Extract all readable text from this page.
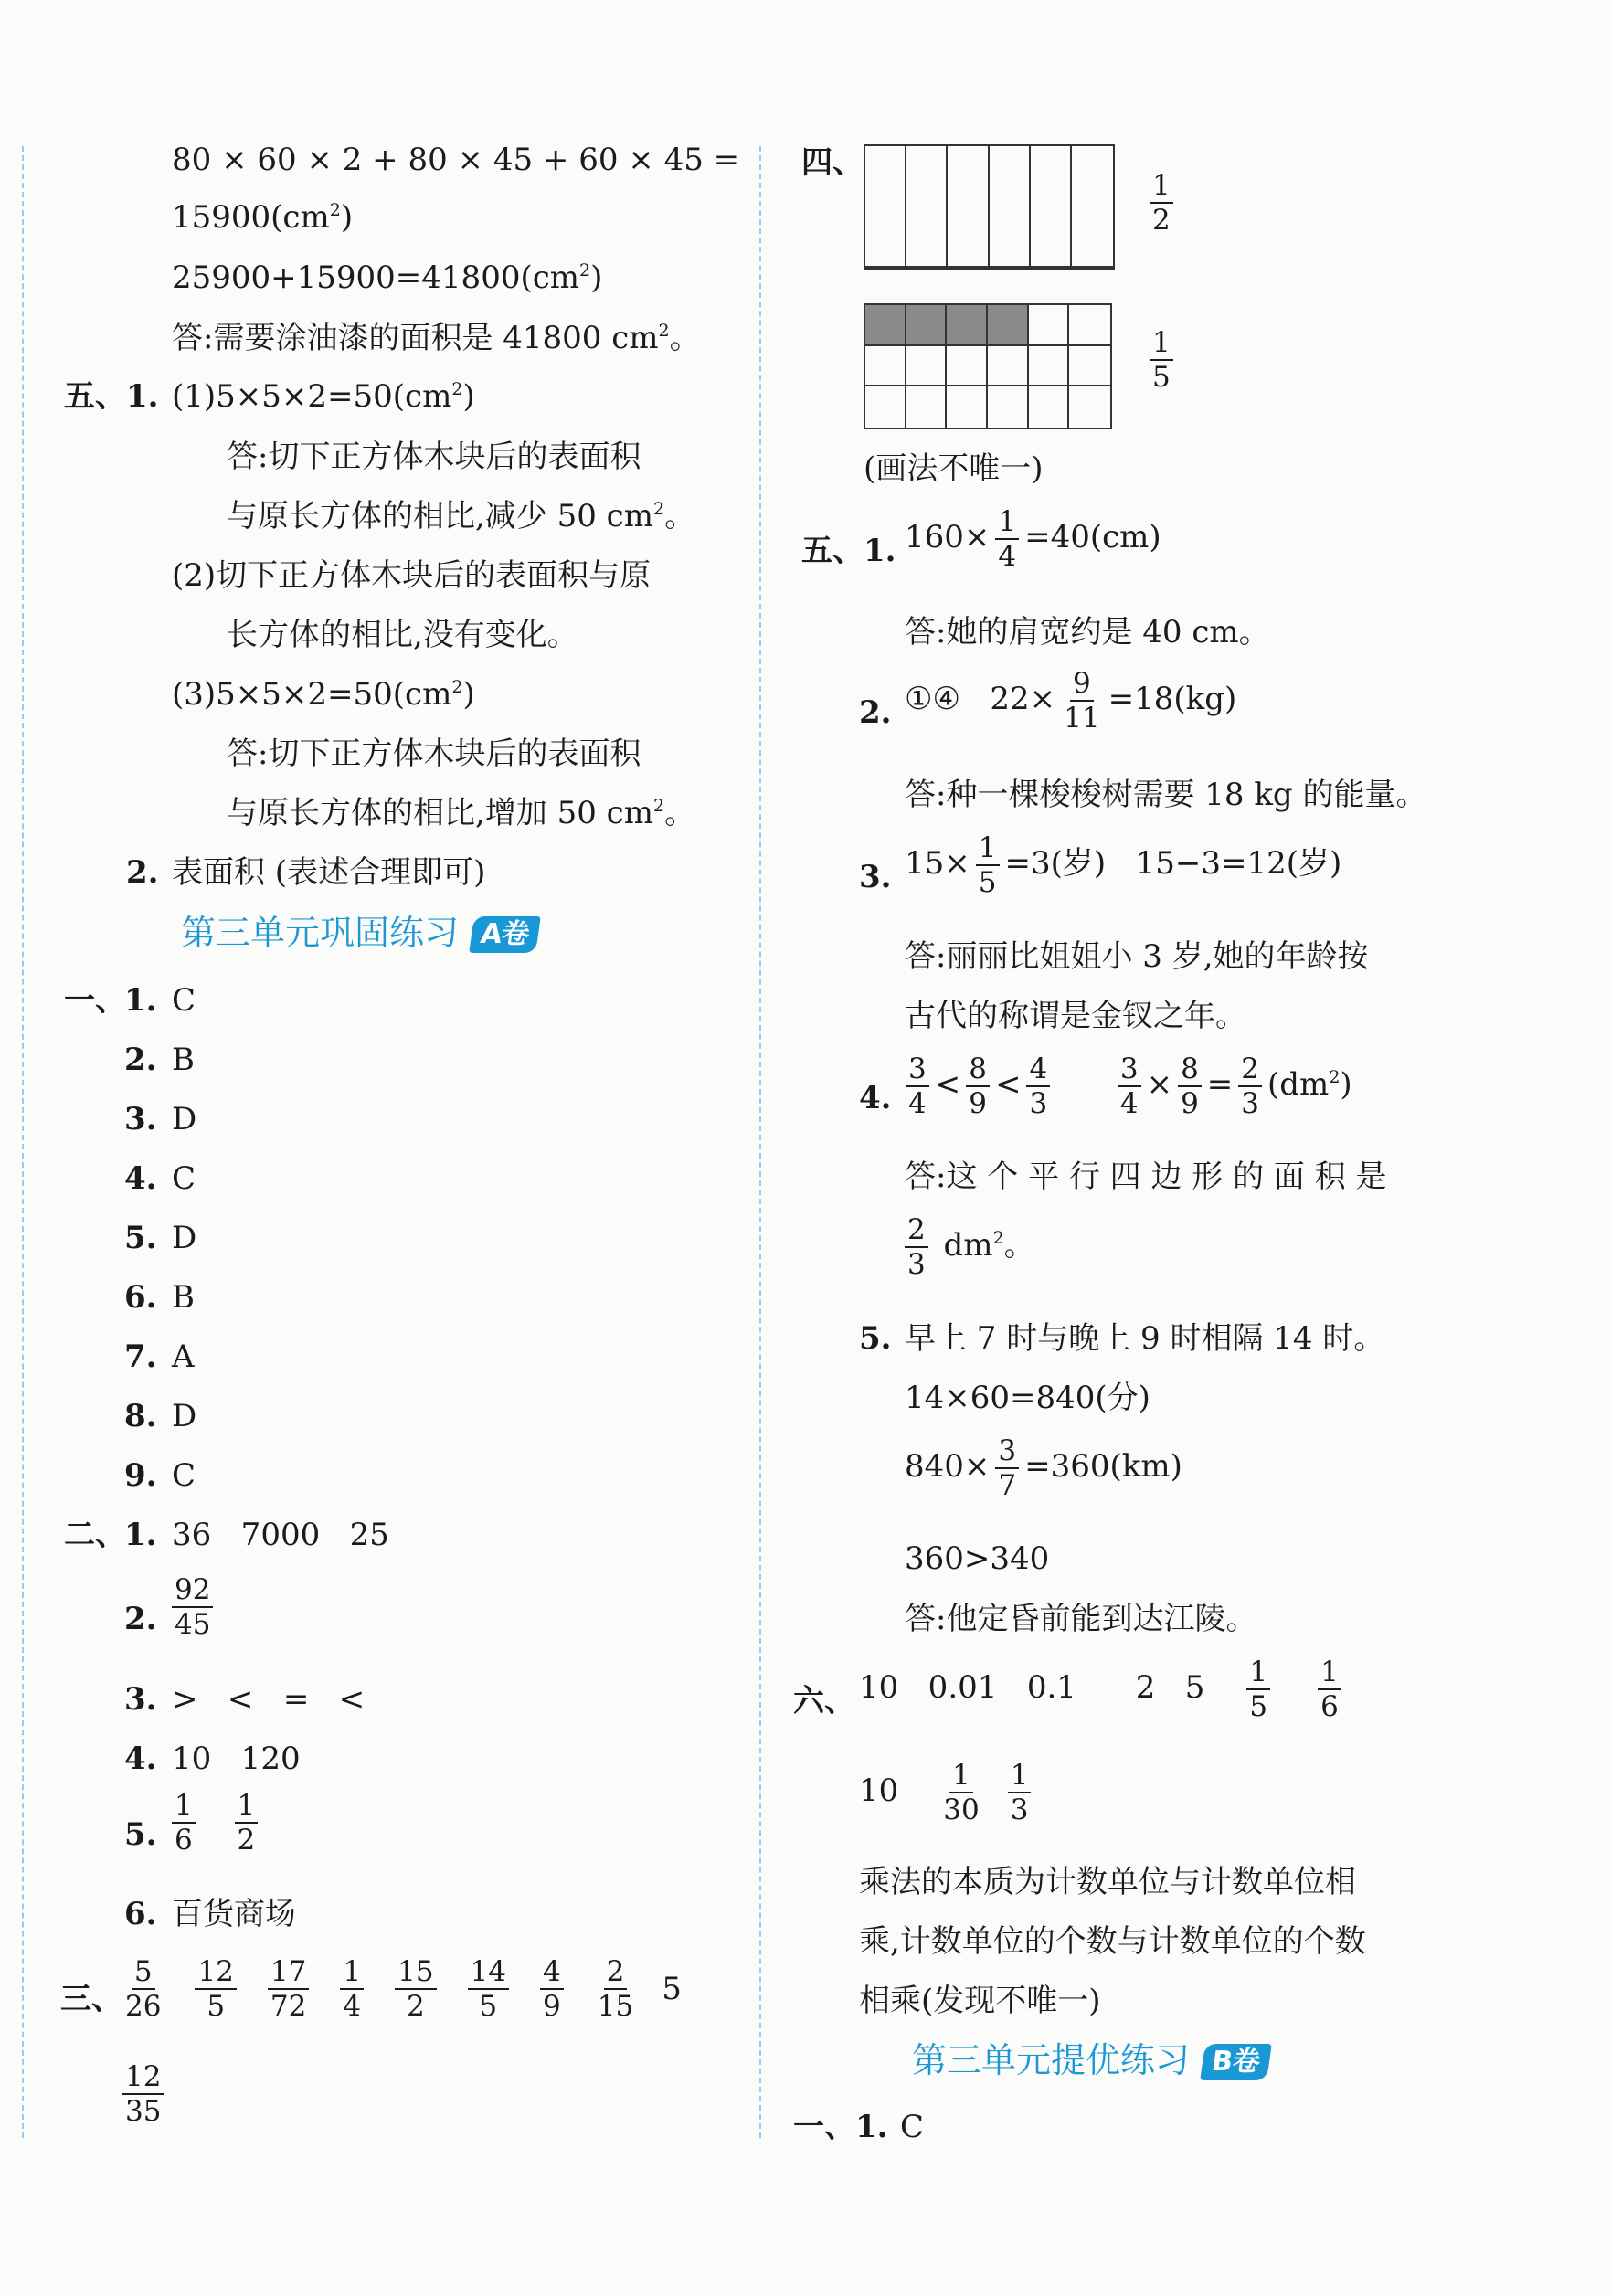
80 × 60 × 2 + 80 × 45 + 60 × 45 =
$15900(cm^2)$
$25900+15900=41800(cm^2)$
答:需要涂油漆的面积是 41800 $cm^2$。
五、1. $(1)5\times 5\times 2=50(cm^2)$
答:切下正方体木块后的表面积
与原长方体的相比,减少 50 $cm^2$。
(2)切下正方体木块后的表面积与原
长方体的相比,没有变化。
$(3)5\times 5\times 2=50(cm^2)$
答:切下正方体木块后的表面积
与原长方体的相比,增加 50 $cm^2$。
2. 表面积 (表述合理即可)
第三单元巩固练习 A卷
一、
1. C
2. B
3. D
4. C
5. D
6. B
7. A
8. D
9. C
二、
1. 36   7000   25
2. $\frac{92}{45}$
3. >   <   =   <
4. 10   120
5. $\frac{1}{6}$
$\frac{1}{2}$
6. 百货商场
三、 $\frac{5}{26} \frac{12}{5} \frac{17}{72} \frac{1}{4} \frac{15}{2} \frac{14}{5} \frac{4}{9} \frac{2}{15} 5$
$\frac{12}{35}$
四、
$\frac{1}{2}$
$\frac{1}{5}$
(画法不唯一)
五、1. $160\times \frac{1}{4} =40(cm)$
答:她的肩宽约是 40 cm。
2. ①④   $22\times \frac{9}{11} =18(kg)$
答:种一棵梭梭树需要 18 kg 的能量。
3. $15\times \frac{1}{5} =3$(岁)   15−3=12(岁)
答:丽丽比姐姐小 3 岁,她的年龄按
古代的称谓是金钗之年。
4. $\frac{3}{4} < \frac{8}{9} < \frac{4}{3}$
$\frac{3}{4} \times \frac{8}{9} = \frac{2}{3} (dm^2)$
答:这 个 平 行 四 边 形 的 面 积 是
$\frac{2}{3} dm^2$。
5. 早上 7 时与晚上 9 时相隔 14 时。
14×60=840(分)
$840\times \frac{3}{7} =360(km)$
360>340
答:他定昏前能到达江陵。
六、 10   0.01   0.1      2   $5 \frac{1}{5} \frac{1}{6}$
$10 \frac{1}{30} \frac{1}{3}$
乘法的本质为计数单位与计数单位相
乘,计数单位的个数与计数单位的个数
相乘(发现不唯一)
第三单元提优练习 B卷
一、1. C
